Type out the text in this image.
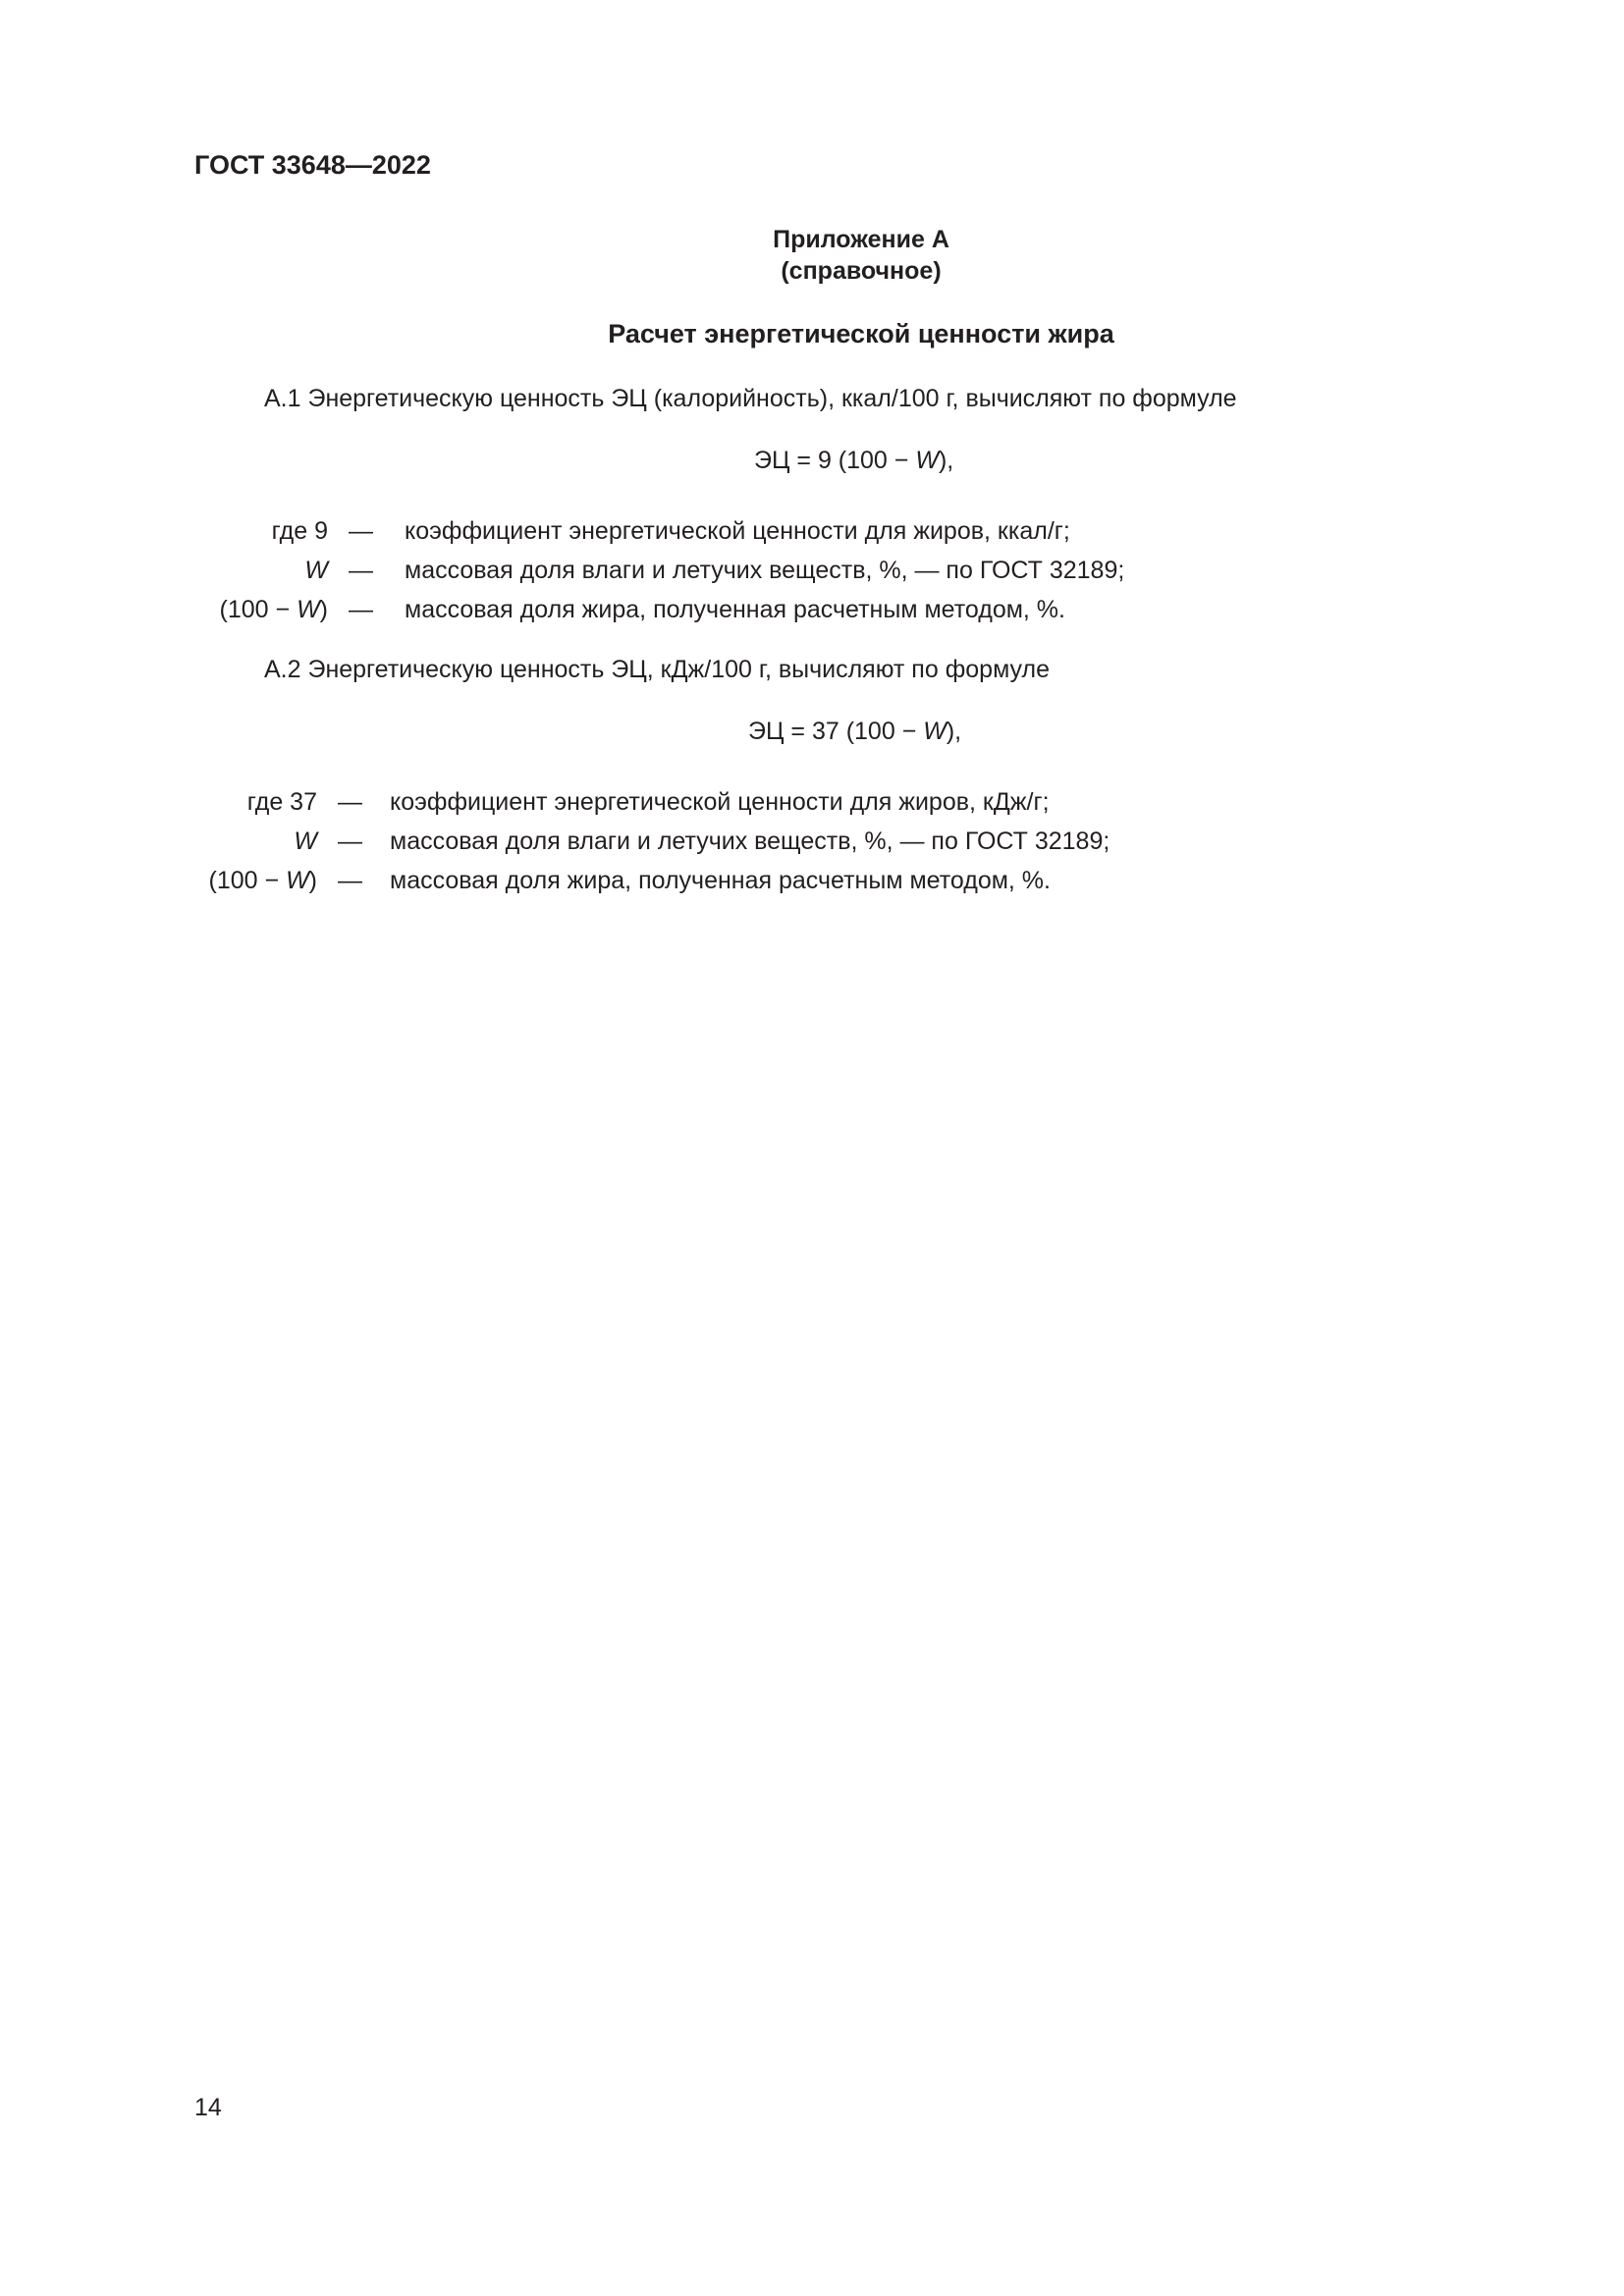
ГОСТ 33648—2022
Приложение А
(справочное)
Расчет энергетической ценности жира
А.1 Энергетическую ценность ЭЦ (калорийность), ккал/100 г, вычисляют по формуле
ЭЦ = 9 (100 − W),
где 9 — коэффициент энергетической ценности для жиров, ккал/г;
W — массовая доля влаги и летучих веществ, %, — по ГОСТ 32189;
(100 − W) — массовая доля жира, полученная расчетным методом, %.
А.2 Энергетическую ценность ЭЦ, кДж/100 г, вычисляют по формуле
ЭЦ = 37 (100 − W),
где 37 — коэффициент энергетической ценности для жиров, кДж/г;
W — массовая доля влаги и летучих веществ, %, — по ГОСТ 32189;
(100 − W) — массовая доля жира, полученная расчетным методом, %.
14
